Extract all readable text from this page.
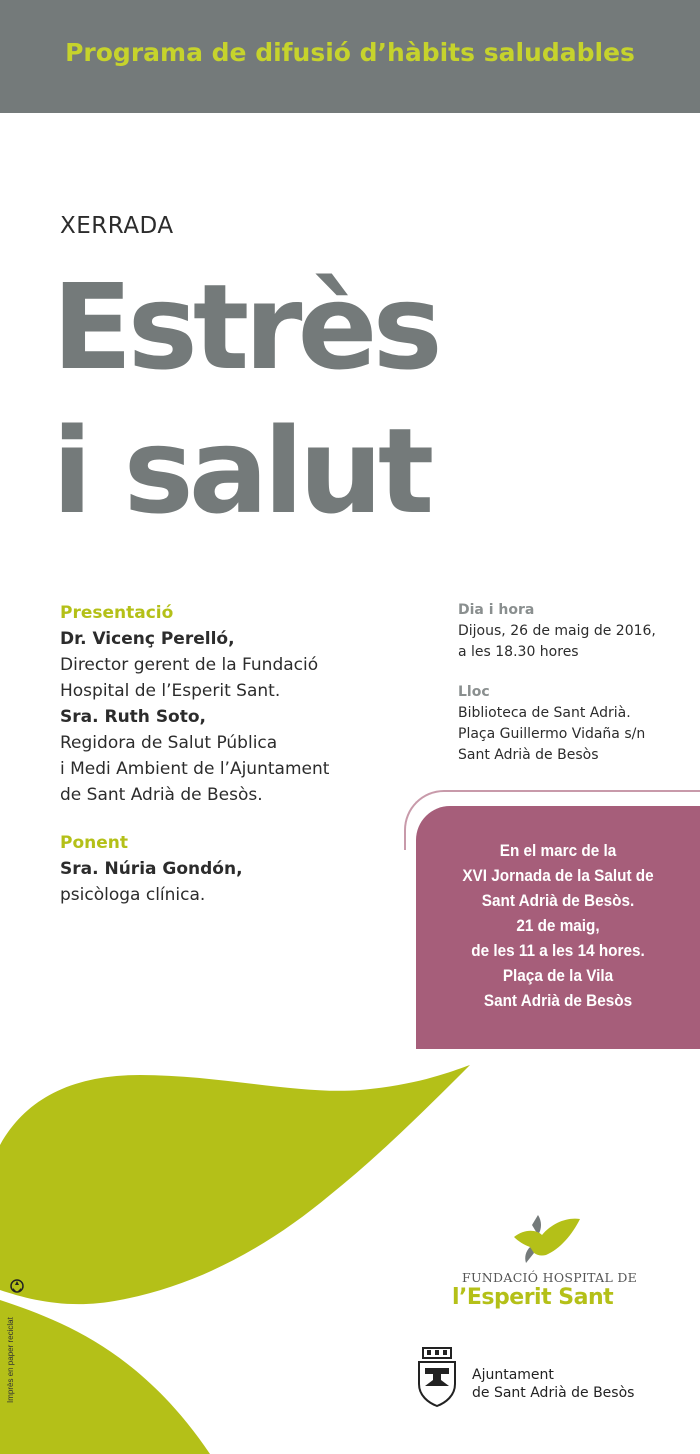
Programa de difusió d’hàbits saludables
XERRADA
Estrès
i salut
Presentació
Dr. Vicenç Perelló,
Director gerent de la Fundació
Hospital de l’Esperit Sant.
Sra. Ruth Soto,
Regidora de Salut Pública
i Medi Ambient de l’Ajuntament
de Sant Adrià de Besòs.
Ponent
Sra. Núria Gondón,
psicòloga clínica.
Dia i hora
Dijous, 26 de maig de 2016,
a les 18.30 hores
Lloc
Biblioteca de Sant Adrià.
Plaça Guillermo Vidaña s/n
Sant Adrià de Besòs
En el marc de la
XVI Jornada de la Salut de
Sant Adrià de Besòs.
21 de maig,
de les 11 a les 14 hores.
Plaça de la Vila
Sant Adrià de Besòs
Imprès en paper reciclat
FUNDACIÓ HOSPITAL DE
l’Esperit Sant
Ajuntament
de Sant Adrià de Besòs
